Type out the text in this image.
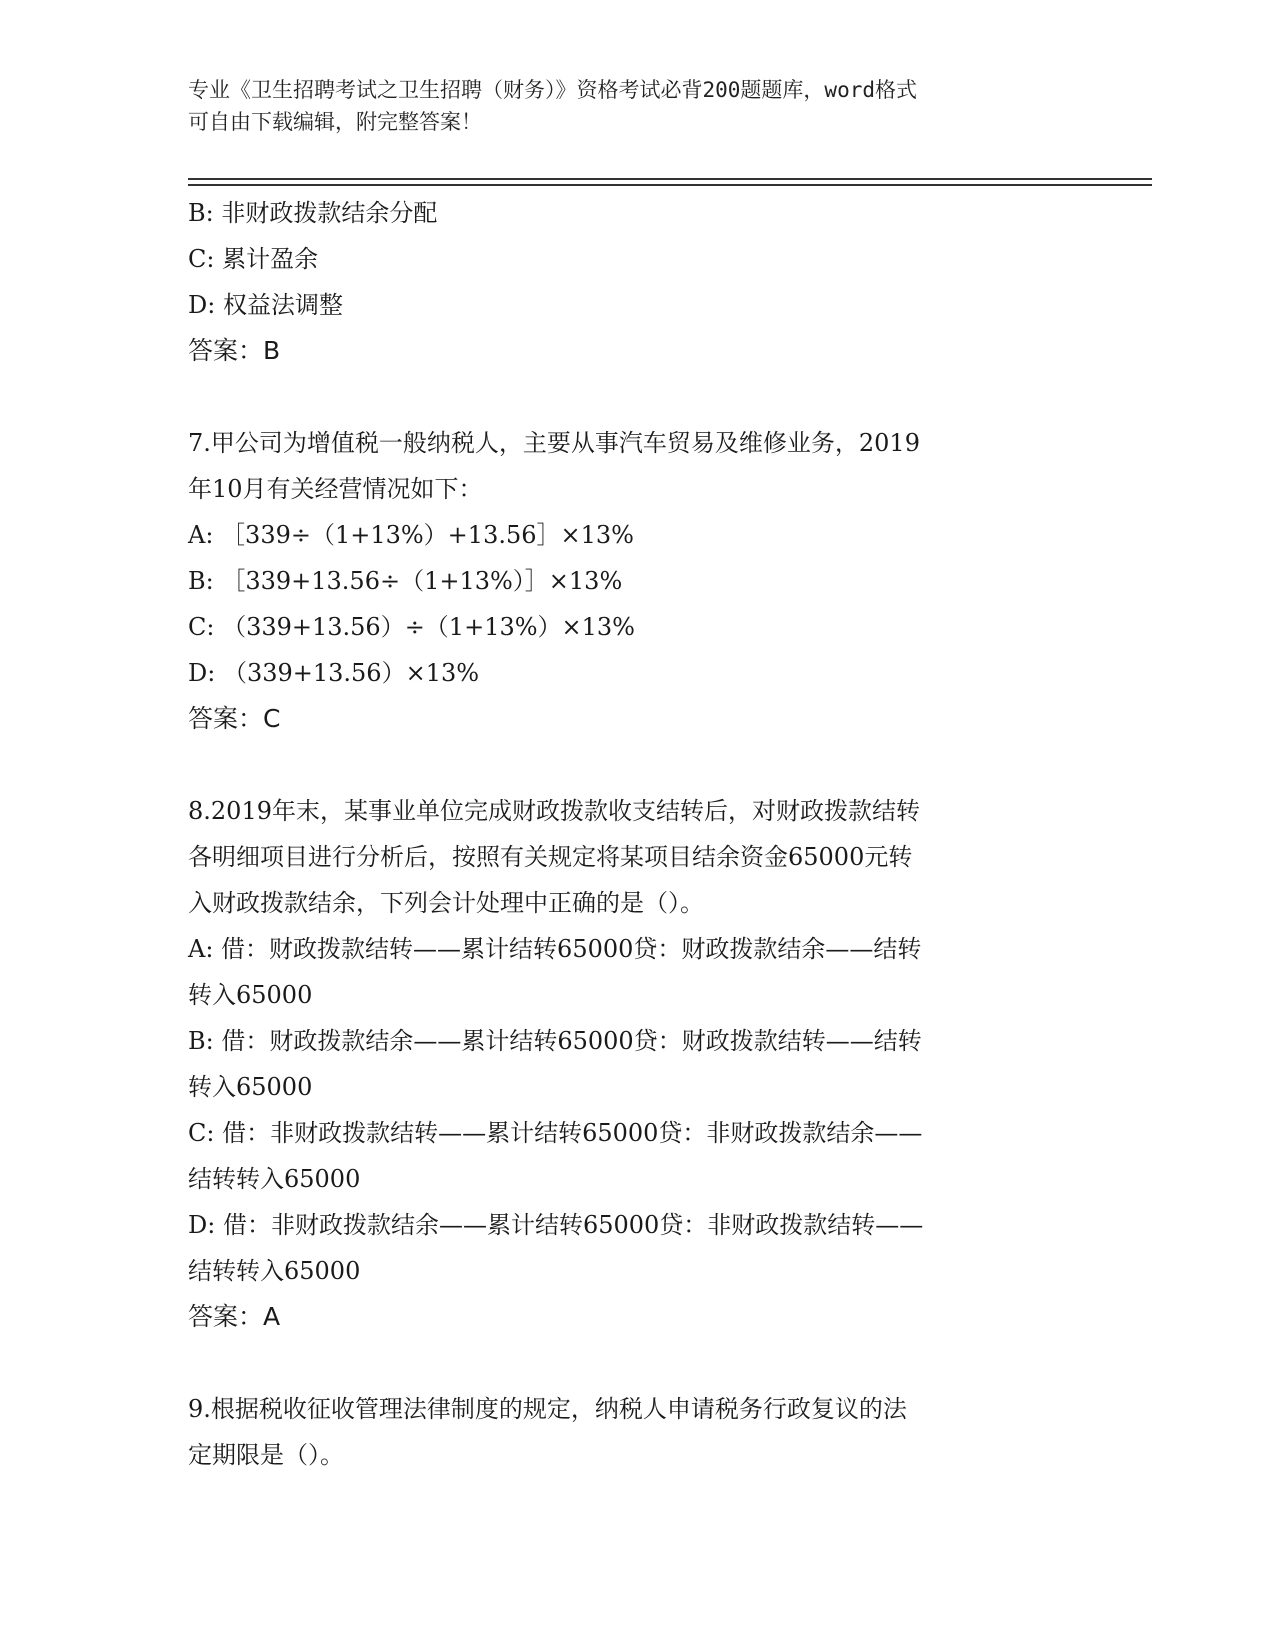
专业《卫生招聘考试之卫生招聘（财务）》资格考试必背200题题库，word格式

可自由下载编辑，附完整答案！

B: 非财政拨款结余分配

C: 累计盈余

D: 权益法调整

答案：B

7.甲公司为增值税一般纳税人，主要从事汽车贸易及维修业务，2019

年10月有关经营情况如下：

A: ［339÷（1+13%）+13.56］×13%

B: ［339+13.56÷（1+13%）］×13%

C: （339+13.56）÷（1+13%）×13%

D: （339+13.56）×13%

答案：C

8.2019年末，某事业单位完成财政拨款收支结转后，对财政拨款结转

各明细项目进行分析后，按照有关规定将某项目结余资金65000元转

入财政拨款结余，下列会计处理中正确的是（）。

A: 借：财政拨款结转——累计结转65000贷：财政拨款结余——结转

转入65000

B: 借：财政拨款结余——累计结转65000贷：财政拨款结转——结转

转入65000

C: 借：非财政拨款结转——累计结转65000贷：非财政拨款结余——

结转转入65000

D: 借：非财政拨款结余——累计结转65000贷：非财政拨款结转——

结转转入65000

答案：A

9.根据税收征收管理法律制度的规定，纳税人申请税务行政复议的法

定期限是（）。
